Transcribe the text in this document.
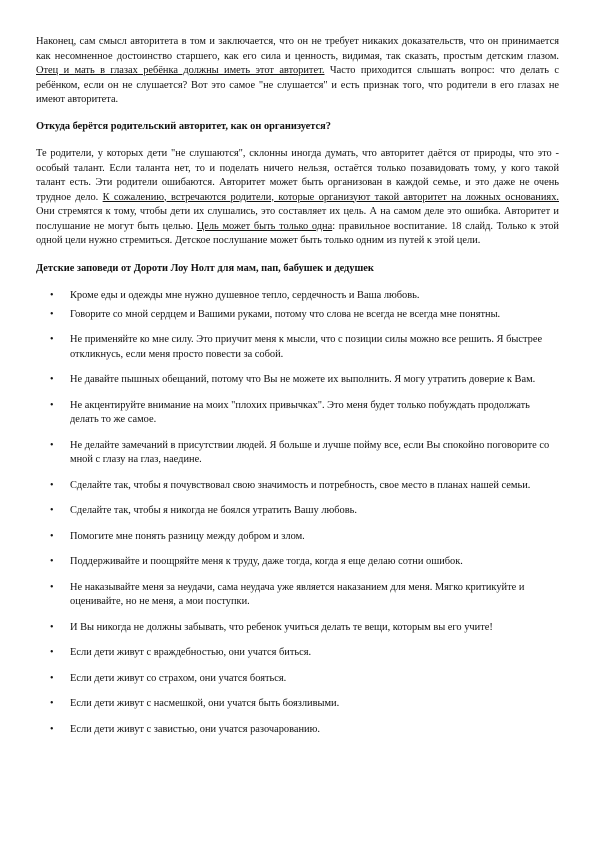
Наконец, сам смысл авторитета в том и заключается, что он не требует никаких доказательств, что он принимается как несомненное достоинство старшего, как его сила и ценность, видимая, так сказать, простым детским глазом. Отец и мать в глазах ребёнка должны иметь этот авторитет. Часто приходится слышать вопрос: что делать с ребёнком, если он не слушается? Вот это самое "не слушается" и есть признак того, что родители в его глазах не имеют авторитета.

Откуда берётся родительский авторитет, как он организуется?

Те родители, у которых дети "не слушаются", склонны иногда думать, что авторитет даётся от природы, что это - особый талант. Если таланта нет, то и поделать ничего нельзя, остаётся только позавидовать тому, у кого такой талант есть. Эти родители ошибаются. Авторитет может быть организован в каждой семье, и это даже не очень трудное дело. К сожалению, встречаются родители, которые организуют такой авторитет на ложных основаниях. Они стремятся к тому, чтобы дети их слушались, это составляет их цель. А на самом деле это ошибка. Авторитет и послушание не могут быть целью. Цель может быть только одна: правильное воспитание. 18 слайд. Только к этой одной цели нужно стремиться. Детское послушание может быть только одним из путей к этой цели.

Детские заповеди от Дороти Лоу Нолт для мам, пап, бабушек и дедушек

• Кроме еды и одежды мне нужно душевное тепло, сердечность и Ваша любовь.
• Говорите со мной сердцем и Вашими руками, потому что слова не всегда не всегда мне понятны.
• Не применяйте ко мне силу. Это приучит меня к мысли, что с позиции силы можно все решить. Я быстрее откликнусь, если меня просто повести за собой.
• Не давайте пышных обещаний, потому что Вы не можете их выполнить. Я могу утратить доверие к Вам.
• Не акцентируйте внимание на моих "плохих привычках". Это меня будет только побуждать продолжать делать то же самое.
• Не делайте замечаний в присутствии людей. Я больше и лучше пойму все, если Вы спокойно поговорите со мной с глазу на глаз, наедине.
• Сделайте так, чтобы я почувствовал свою значимость и потребность, свое место в планах нашей семьи.
• Сделайте так, чтобы я никогда не боялся утратить Вашу любовь.
• Помогите мне понять разницу между добром и злом.
• Поддерживайте и поощряйте меня к труду, даже тогда, когда я еще делаю сотни ошибок.
• Не наказывайте меня за неудачи, сама неудача уже является наказанием для меня. Мягко критикуйте и оценивайте, но не меня, а мои поступки.
• И Вы никогда не должны забывать, что ребенок учиться делать те вещи, которым вы его учите!
• Если дети живут с враждебностью, они учатся биться.
• Если дети живут со страхом, они учатся бояться.
• Если дети живут с насмешкой, они учатся быть боязливыми.
• Если дети живут с завистью, они учатся разочарованию.
